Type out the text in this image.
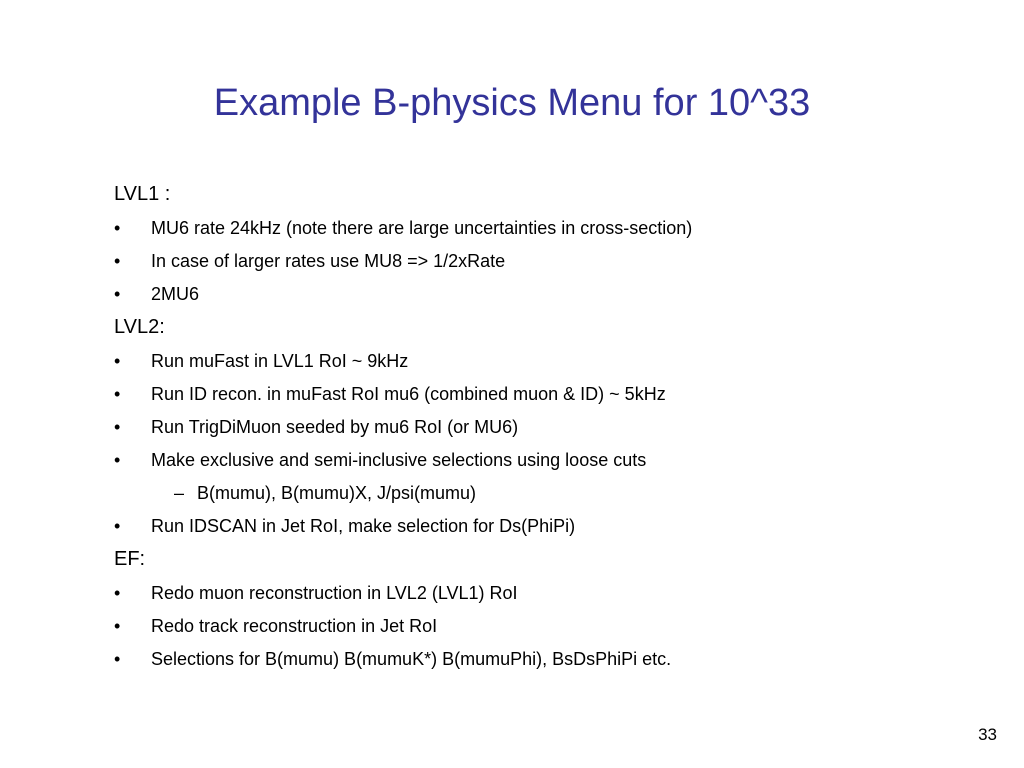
Example B-physics Menu for 10^33
LVL1 :
• MU6 rate 24kHz (note there are large uncertainties in cross-section)
• In case of larger rates use MU8 => 1/2xRate
• 2MU6
LVL2:
• Run muFast in LVL1 RoI ~ 9kHz
• Run ID recon. in muFast RoI mu6 (combined muon & ID) ~ 5kHz
• Run TrigDiMuon seeded by mu6 RoI (or MU6)
• Make exclusive and semi-inclusive selections using loose cuts
– B(mumu), B(mumu)X, J/psi(mumu)
• Run IDSCAN in Jet RoI, make selection for Ds(PhiPi)
EF:
• Redo muon reconstruction in LVL2 (LVL1) RoI
• Redo track reconstruction in Jet RoI
• Selections for B(mumu) B(mumuK*) B(mumuPhi), BsDsPhiPi etc.
33
